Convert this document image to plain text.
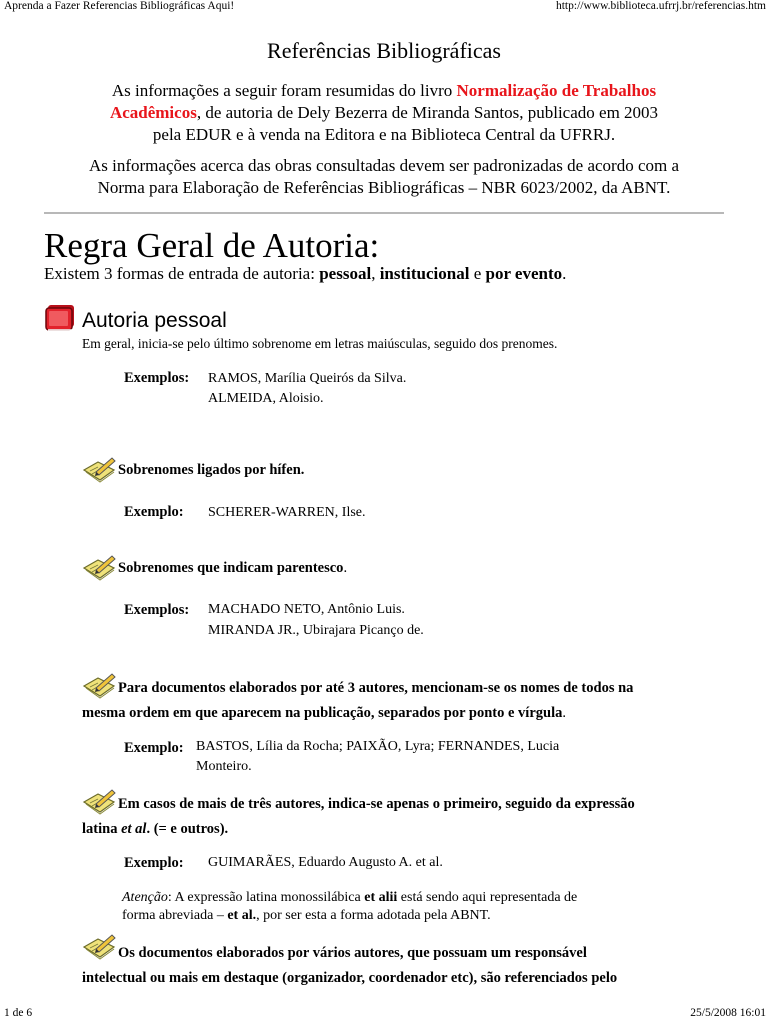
Aprenda a Fazer Referencias Bibliográficas Aqui!	http://www.biblioteca.ufrrj.br/referencias.htm
Referências Bibliográficas
As informações a seguir foram resumidas do livro Normalização de Trabalhos
Acadêmicos, de autoria de Dely Bezerra de Miranda Santos, publicado em 2003
pela EDUR e à venda na Editora e na Biblioteca Central da UFRRJ.
As informações acerca das obras consultadas devem ser padronizadas de acordo com a
Norma para Elaboração de Referências Bibliográficas – NBR 6023/2002, da ABNT.
Regra Geral de Autoria:
Existem 3 formas de entrada de autoria: pessoal, institucional e por evento.
Autoria pessoal
Em geral, inicia-se pelo último sobrenome em letras maiúsculas, seguido dos prenomes.
Exemplos: RAMOS, Marília Queirós da Silva.
ALMEIDA, Aloisio.
Sobrenomes ligados por hífen.
Exemplo: SCHERER-WARREN, Ilse.
Sobrenomes que indicam parentesco.
Exemplos: MACHADO NETO, Antônio Luis.
MIRANDA JR., Ubirajara Picanço de.
Para documentos elaborados por até 3 autores, mencionam-se os nomes de todos na
mesma ordem em que aparecem na publicação, separados por ponto e vírgula.
Exemplo: BASTOS, Lília da Rocha; PAIXÃO, Lyra; FERNANDES, Lucia
Monteiro.
Em casos de mais de três autores, indica-se apenas o primeiro, seguido da expressão
latina et al. (= e outros).
Exemplo: GUIMARÃES, Eduardo Augusto A. et al.
Atenção: A expressão latina monossilábica et alii está sendo aqui representada de
forma abreviada – et al., por ser esta a forma adotada pela ABNT.
Os documentos elaborados por vários autores, que possuam um responsável
intelectual ou mais em destaque (organizador, coordenador etc), são referenciados pelo
1 de 6	25/5/2008 16:01
